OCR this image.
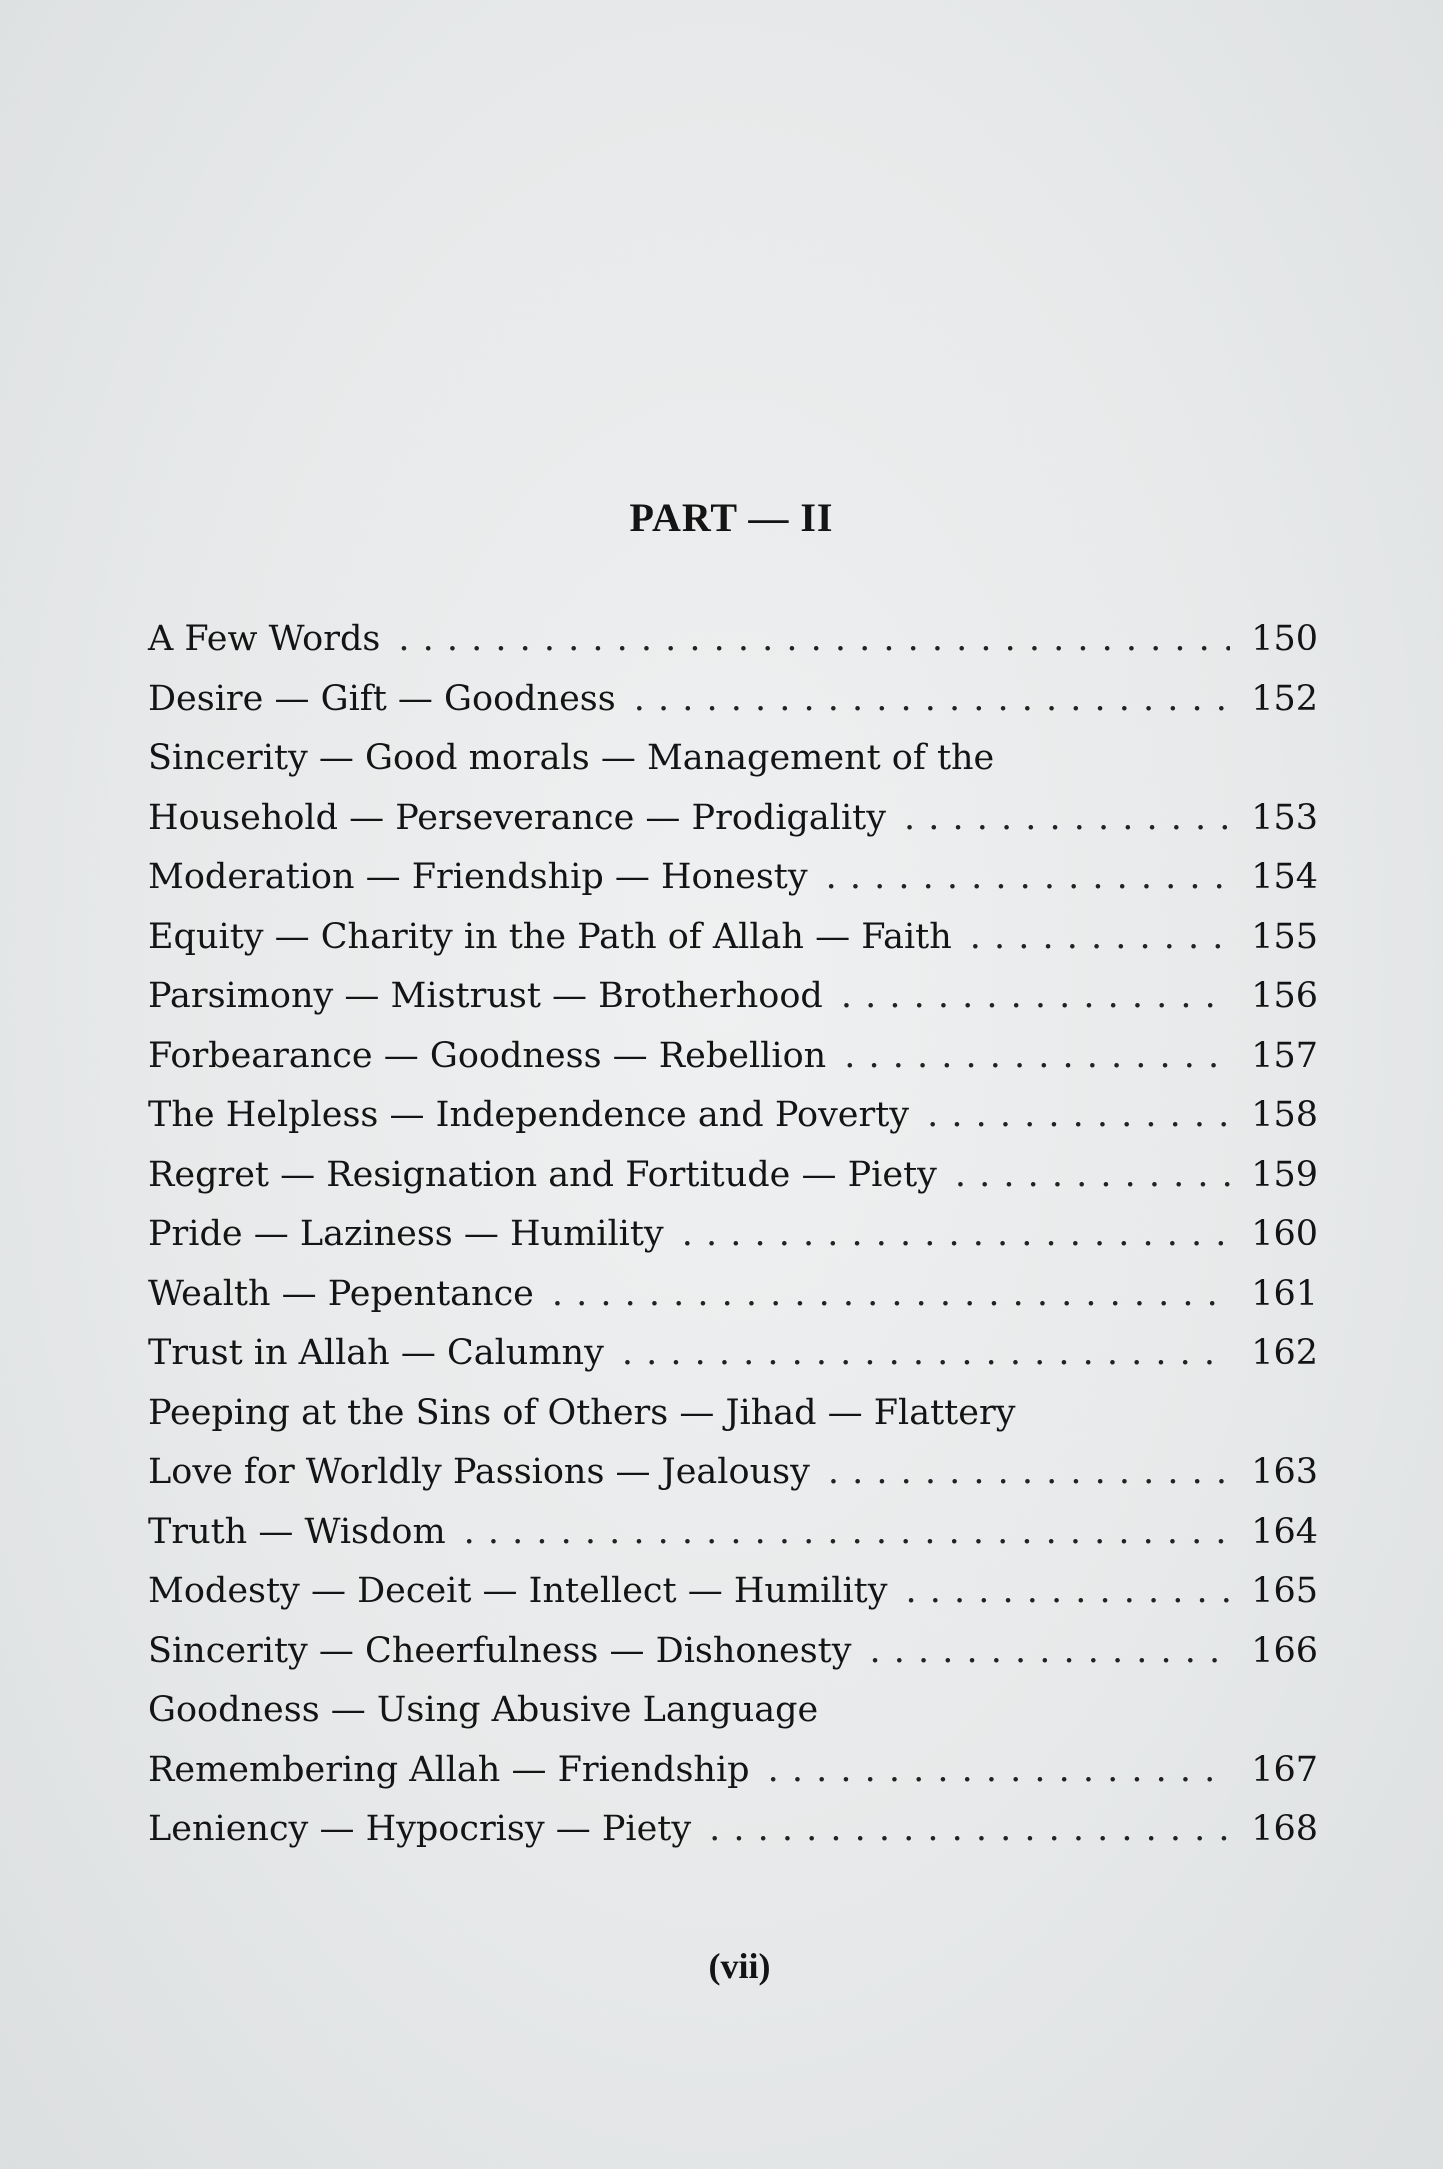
PART — II
A Few Words . . .	150
Desire — Gift — Goodness . . .	152
Sincerity — Good morals — Management of the
Household — Perseverance — Prodigality . . .	153
Moderation — Friendship — Honesty . . .	154
Equity — Charity in the Path of Allah — Faith . . .	155
Parsimony — Mistrust — Brotherhood . . .	156
Forbearance — Goodness — Rebellion . . .	157
The Helpless — Independence and Poverty . . .	158
Regret — Resignation and Fortitude — Piety . . .	159
Pride — Laziness — Humility . . .	160
Wealth — Pepentance . . .	161
Trust in Allah — Calumny . . .	162
Peeping at the Sins of Others — Jihad — Flattery
Love for Worldly Passions — Jealousy . . .	163
Truth — Wisdom . . .	164
Modesty — Deceit — Intellect — Humility . . .	165
Sincerity — Cheerfulness — Dishonesty . . .	166
Goodness — Using Abusive Language
Remembering Allah — Friendship . . .	167
Leniency — Hypocrisy — Piety . . .	168
(vii)
